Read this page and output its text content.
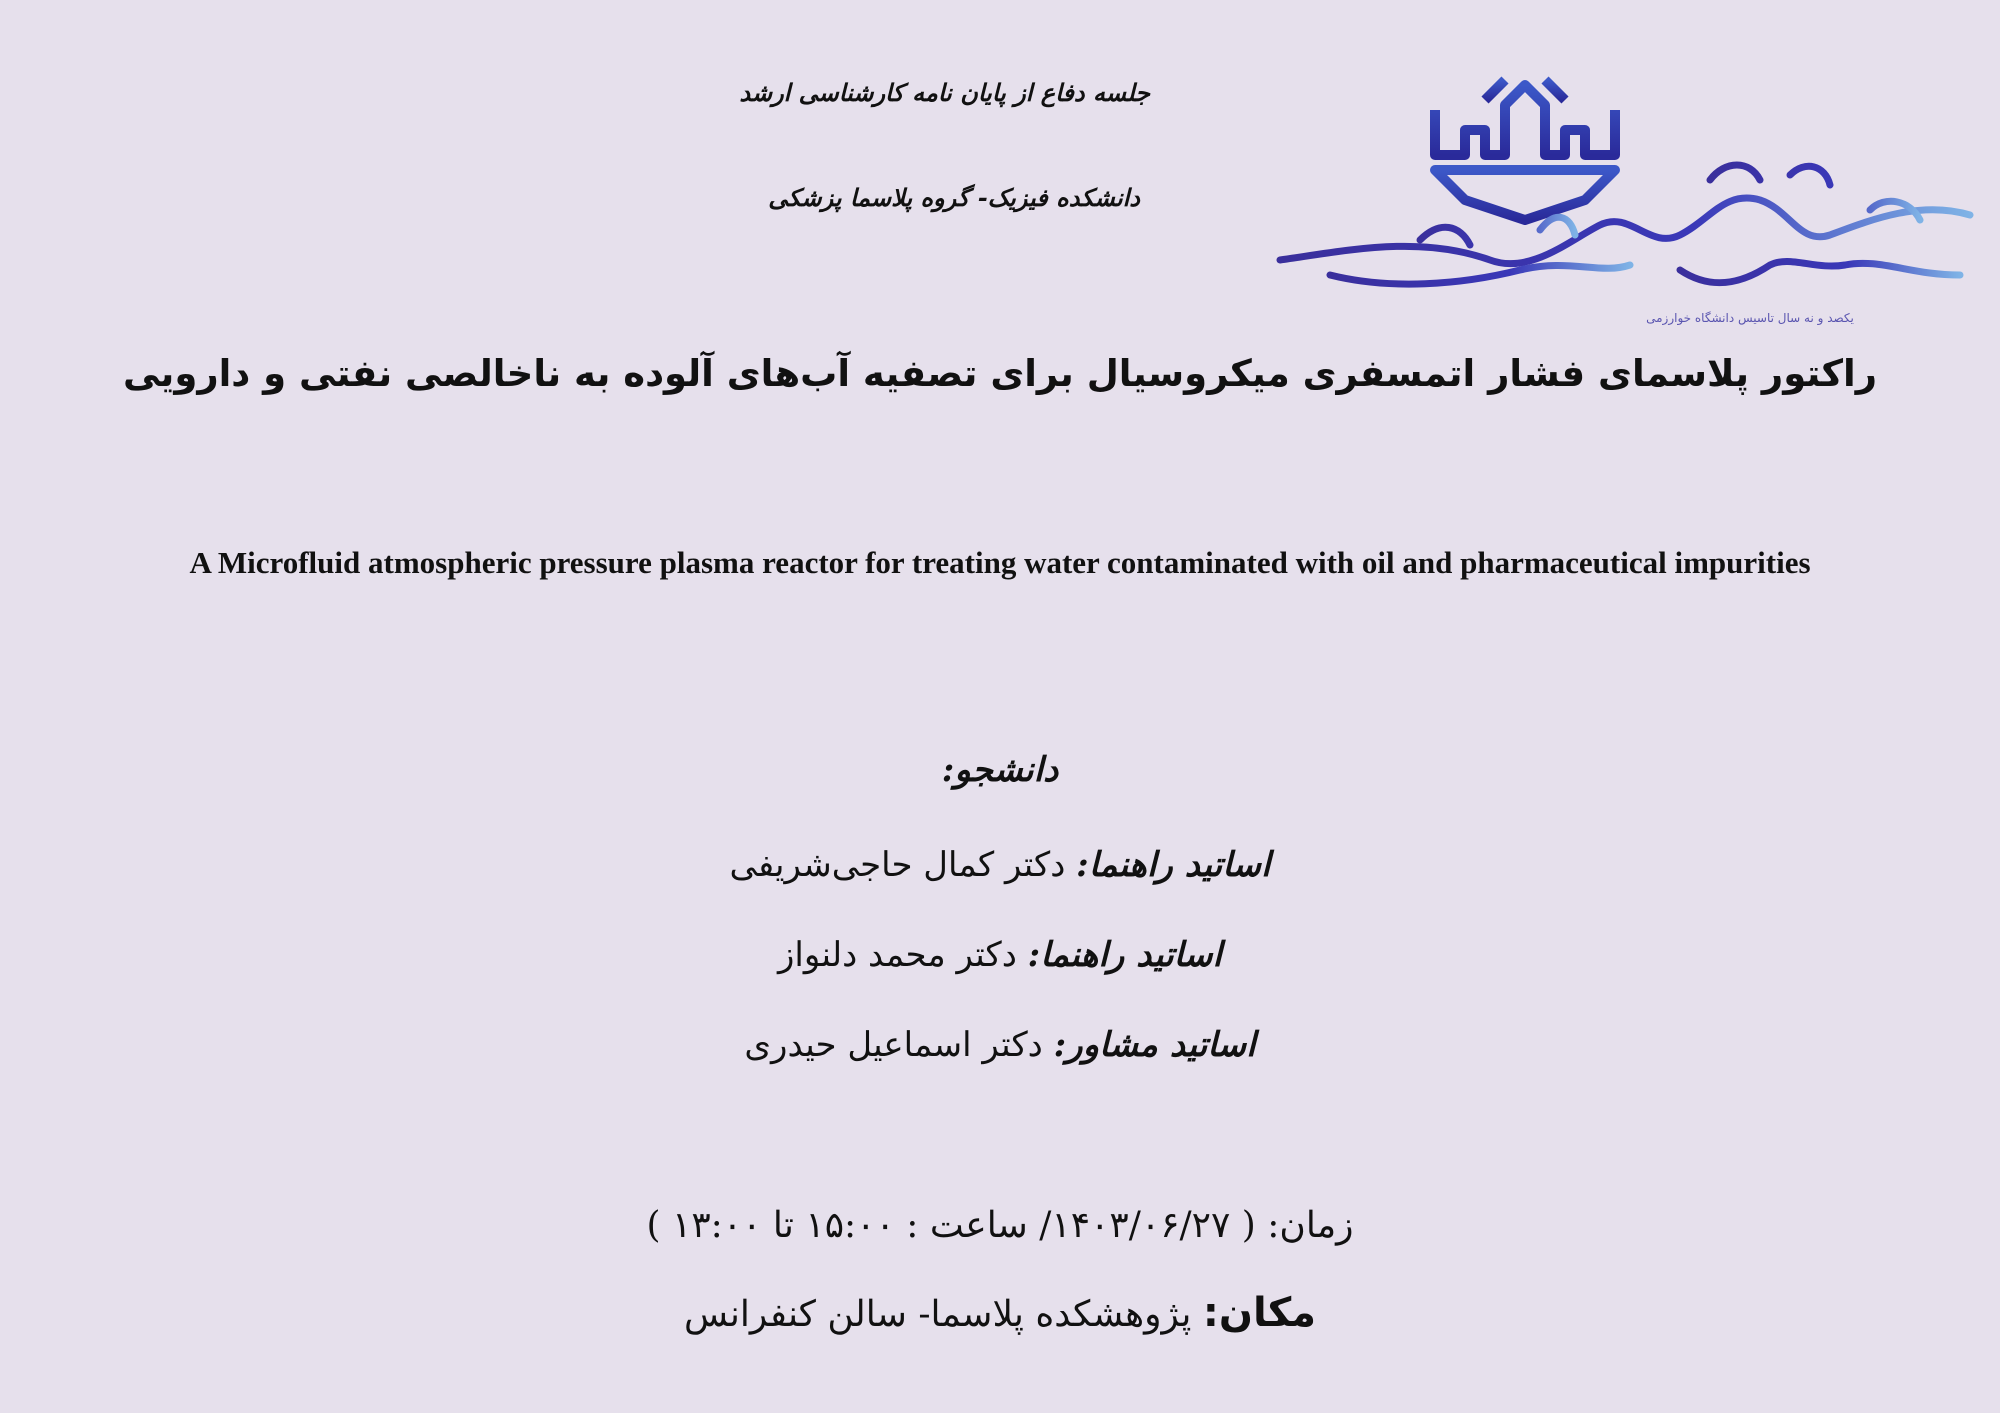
جلسه دفاع از پایان نامه کارشناسی ارشد
دانشکده فیزیک- گروه پلاسما پزشکی
یکصد و نه سال تاسیس دانشگاه خوارزمی
راکتور پلاسمای فشار اتمسفری میکروسیال برای تصفیه آب‌های آلوده به ناخالصی نفتی و دارویی
A Microfluid atmospheric pressure plasma reactor for treating water contaminated with oil and pharmaceutical impurities
دانشجو:
اساتید راهنما: دکتر کمال حاجی‌شریفی
اساتید راهنما: دکتر محمد دلنواز
اساتید مشاور: دکتر اسماعیل حیدری
زمان: ( ۱۴۰۳/۰۶/۲۷/ ساعت : ۱۵:۰۰ تا ۱۳:۰۰ )
مکان: پژوهشکده پلاسما- سالن کنفرانس
